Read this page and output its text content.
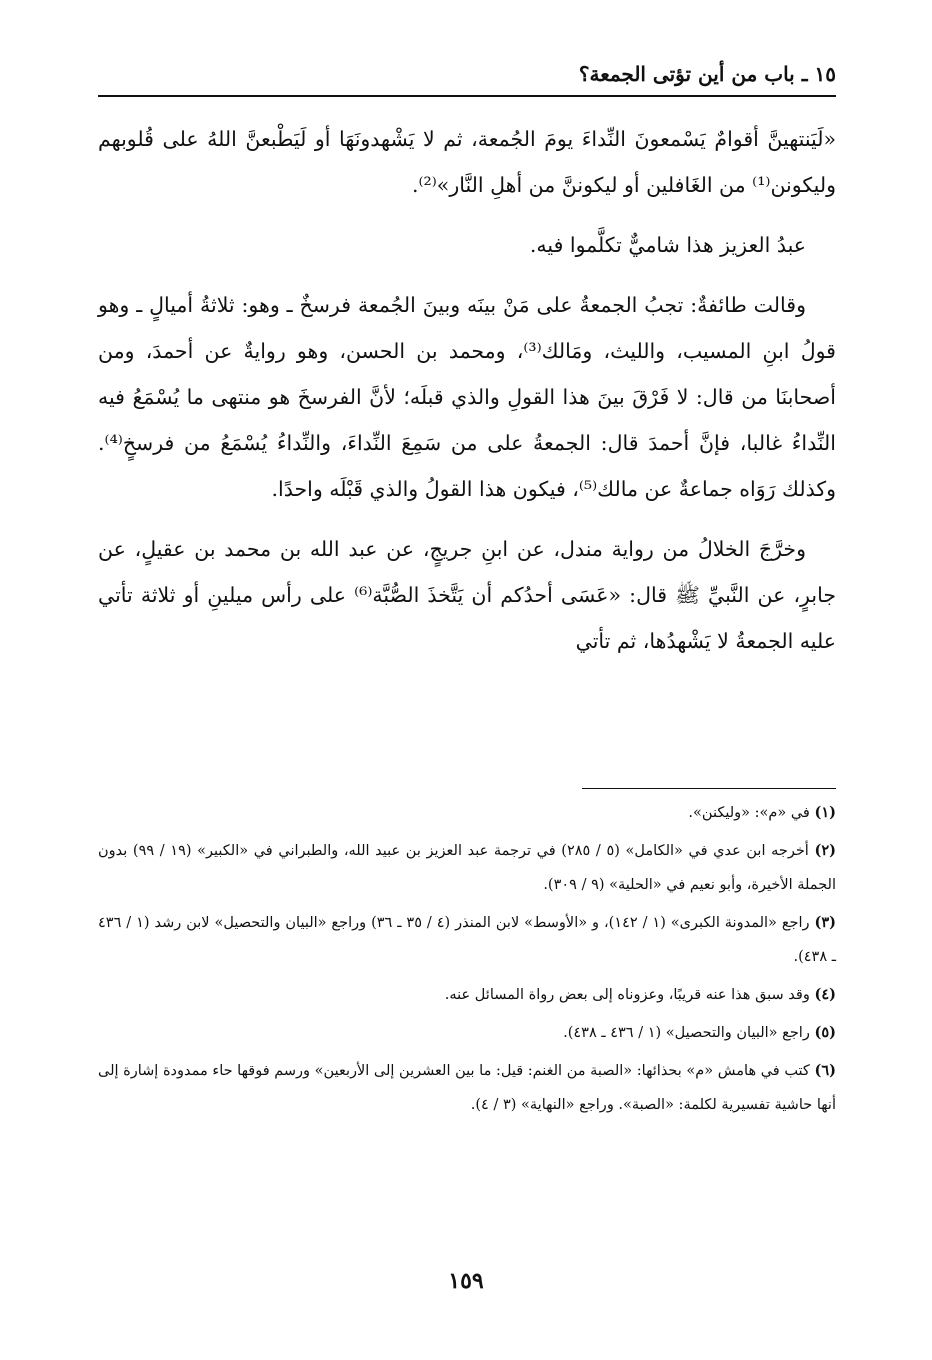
١٥ ـ باب من أين تؤتى الجمعة؟

«لَيَنتهينَّ أقوامٌ يَسْمعونَ النِّداءَ يومَ الجُمعة، ثم لا يَشْهدونَهَا أو لَيَطْبعنَّ اللهُ على قُلوبهم وليكونن⁽¹⁾ من الغَافلين أو ليكوننَّ من أهلِ النَّار»⁽²⁾.

عبدُ العزيز هذا شاميٌّ تكلَّموا فيه.

وقالت طائفةٌ: تجبُ الجمعةُ على مَنْ بينَه وبينَ الجُمعة فرسخٌ ـ وهو: ثلاثةُ أميالٍ ـ وهو قولُ ابنِ المسيب، والليث، ومَالك⁽³⁾، ومحمد بن الحسن، وهو روايةٌ عن أحمدَ، ومن أصحابنَا من قال: لا فَرْقَ بينَ هذا القولِ والذي قبلَه؛ لأنَّ الفرسخَ هو منتهى ما يُسْمَعُ فيه النِّداءُ غالبا، فإنَّ أحمدَ قال: الجمعةُ على من سَمِعَ النِّداءَ، والنِّداءُ يُسْمَعُ من فرسخٍ⁽⁴⁾. وكذلك رَوَاه جماعةٌ عن مالك⁽⁵⁾، فيكون هذا القولُ والذي قَبْلَه واحدًا.

وخرَّجَ الخلالُ من رواية مندل، عن ابنِ جريجٍ، عن عبد الله بن محمد بن عقيلٍ، عن جابرٍ، عن النَّبيِّ ﷺ قال: «عَسَى أحدُكم أن يَتَّخذَ الصُّبَّة⁽⁶⁾ على رأس ميلينِ أو ثلاثة تأتي عليه الجمعةُ لا يَشْهدُها، ثم تأتي

(١) في «م»: «وليكنن».

(٢) أخرجه ابن عدي في «الكامل» (٥ / ٢٨٥) في ترجمة عبد العزيز بن عبيد الله، والطبراني في «الكبير» (١٩ / ٩٩) بدون الجملة الأخيرة، وأبو نعيم في «الحلية» (٩ / ٣٠٩).

(٣) راجع «المدونة الكبرى» (١ / ١٤٢)، و «الأوسط» لابن المنذر (٤ / ٣٥ ـ ٣٦) وراجع «البيان والتحصيل» لابن رشد (١ / ٤٣٦ ـ ٤٣٨).

(٤) وقد سبق هذا عنه قريبًا، وعزوناه إلى بعض رواة المسائل عنه.

(٥) راجع «البيان والتحصيل» (١ / ٤٣٦ ـ ٤٣٨).

(٦) كتب في هامش «م» بحذائها: «الصبة من الغنم: قيل: ما بين العشرين إلى الأربعين» ورسم فوقها حاء ممدودة إشارة إلى أنها حاشية تفسيرية لكلمة: «الصبة». وراجع «النهاية» (٣ / ٤).

١٥٩
